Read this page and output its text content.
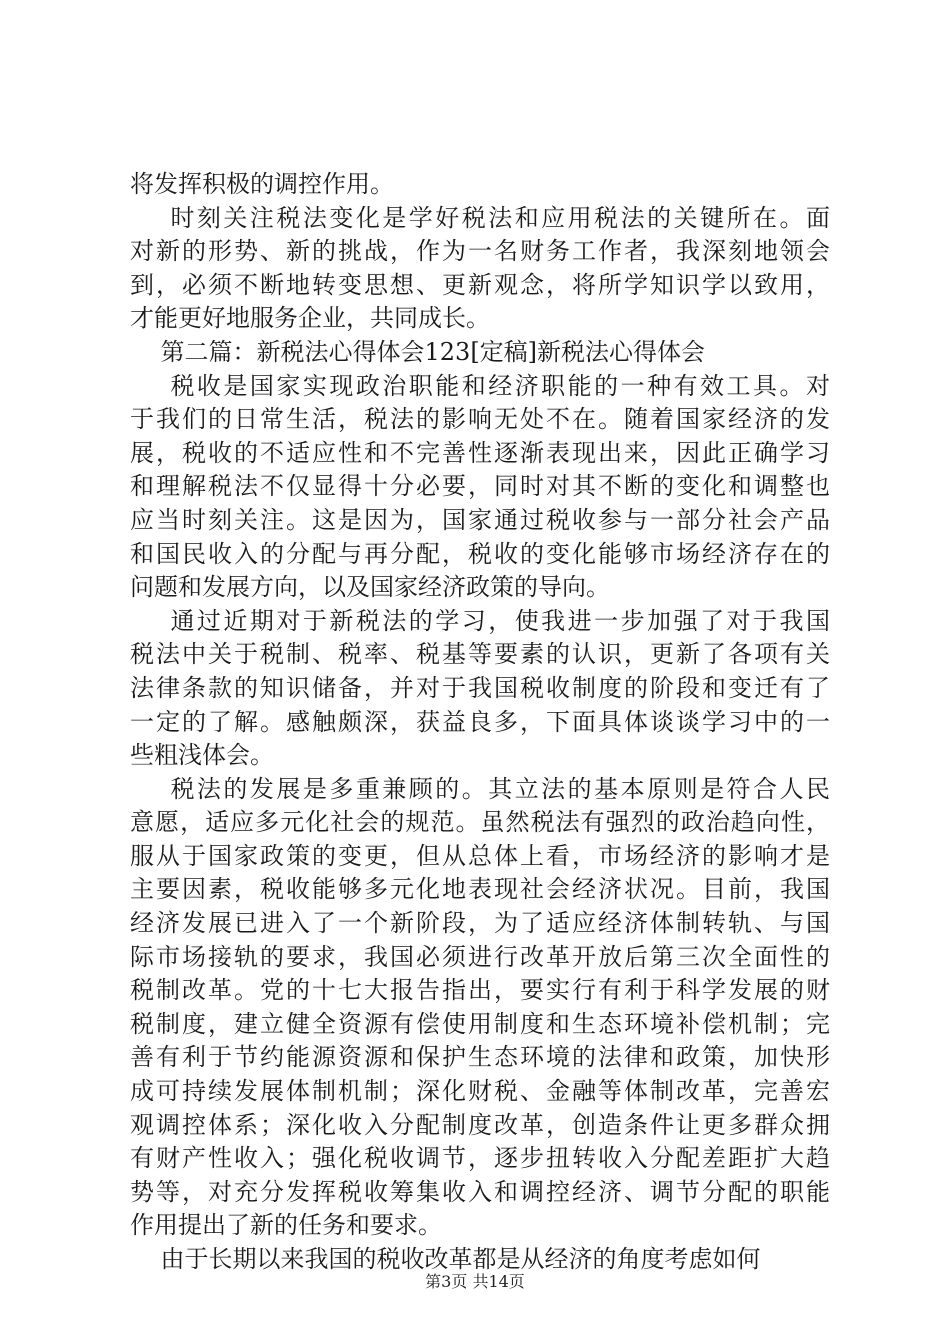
将发挥积极的调控作用。
时刻关注税法变化是学好税法和应用税法的关键所在。面
对新的形势、新的挑战，作为一名财务工作者，我深刻地领会
到，必须不断地转变思想、更新观念，将所学知识学以致用，
才能更好地服务企业，共同成长。
第二篇：新税法心得体会123[定稿]新税法心得体会
税收是国家实现政治职能和经济职能的一种有效工具。对
于我们的日常生活，税法的影响无处不在。随着国家经济的发
展，税收的不适应性和不完善性逐渐表现出来，因此正确学习
和理解税法不仅显得十分必要，同时对其不断的变化和调整也
应当时刻关注。这是因为，国家通过税收参与一部分社会产品
和国民收入的分配与再分配，税收的变化能够市场经济存在的
问题和发展方向，以及国家经济政策的导向。
通过近期对于新税法的学习，使我进一步加强了对于我国
税法中关于税制、税率、税基等要素的认识，更新了各项有关
法律条款的知识储备，并对于我国税收制度的阶段和变迁有了
一定的了解。感触颇深，获益良多，下面具体谈谈学习中的一
些粗浅体会。
税法的发展是多重兼顾的。其立法的基本原则是符合人民
意愿，适应多元化社会的规范。虽然税法有强烈的政治趋向性，
服从于国家政策的变更，但从总体上看，市场经济的影响才是
主要因素，税收能够多元化地表现社会经济状况。目前，我国
经济发展已进入了一个新阶段，为了适应经济体制转轨、与国
际市场接轨的要求，我国必须进行改革开放后第三次全面性的
税制改革。党的十七大报告指出，要实行有利于科学发展的财
税制度，建立健全资源有偿使用制度和生态环境补偿机制；完
善有利于节约能源资源和保护生态环境的法律和政策，加快形
成可持续发展体制机制；深化财税、金融等体制改革，完善宏
观调控体系；深化收入分配制度改革，创造条件让更多群众拥
有财产性收入；强化税收调节，逐步扭转收入分配差距扩大趋
势等，对充分发挥税收筹集收入和调控经济、调节分配的职能
作用提出了新的任务和要求。
由于长期以来我国的税收改革都是从经济的角度考虑如何
第3页 共14页
